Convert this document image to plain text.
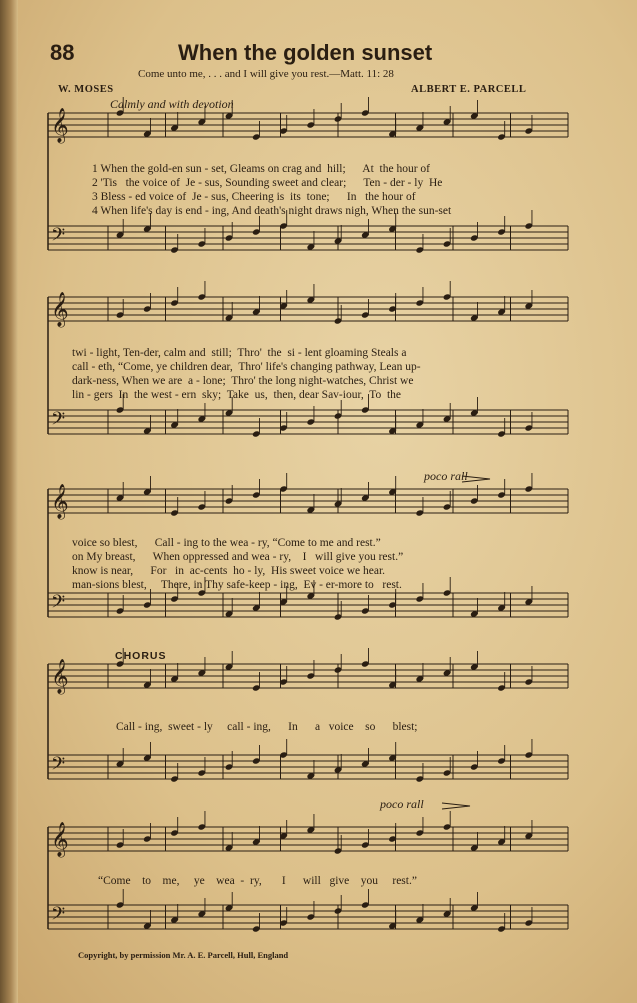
88	When the golden sunset
Come unto me, . . . and I will give you rest.—Matt. 11: 28
W. MOSES	ALBERT E. PARCELL
Calmly and with devotion
𝄞
𝄢
𝄞
𝄢
𝄞
𝄢
𝄞
𝄢
𝄞
𝄢
1 When the gold-en sun - set, Gleams on crag and  hill;      At  the hour of
2 'Tis   the voice of  Je - sus, Sounding sweet and clear;      Ten - der - ly  He
3 Bless - ed voice of  Je - sus, Cheering is  its  tone;      In   the hour of
4 When life's day is end - ing, And death's night draws nigh, When the sun-set
twi - light, Ten-der, calm and  still;  Thro'  the  si - lent gloaming Steals a
call - eth, “Come, ye children dear,  Thro' life's changing pathway, Lean up-
dark-ness, When we are  a - lone;  Thro' the long night-watches, Christ we
lin - gers  In  the west - ern  sky;  Take  us,  then, dear Sav-iour,  To  the
poco rall
voice so blest,      Call - ing to the wea - ry, “Come to me and rest.”
on My breast,      When oppressed and wea - ry,    I   will give you rest.”
know is near,      For   in  ac-cents  ho - ly,  His sweet voice we hear.
man-sions blest,     There, in Thy safe-keep - ing,  Ev - er-more to   rest.
CHORUS
Call - ing,  sweet - ly     call - ing,      In      a   voice    so      blest;
poco rall
“Come    to    me,     ye    wea  -  ry,       I      will   give    you     rest.”
Copyright, by permission Mr. A. E. Parcell, Hull, England
